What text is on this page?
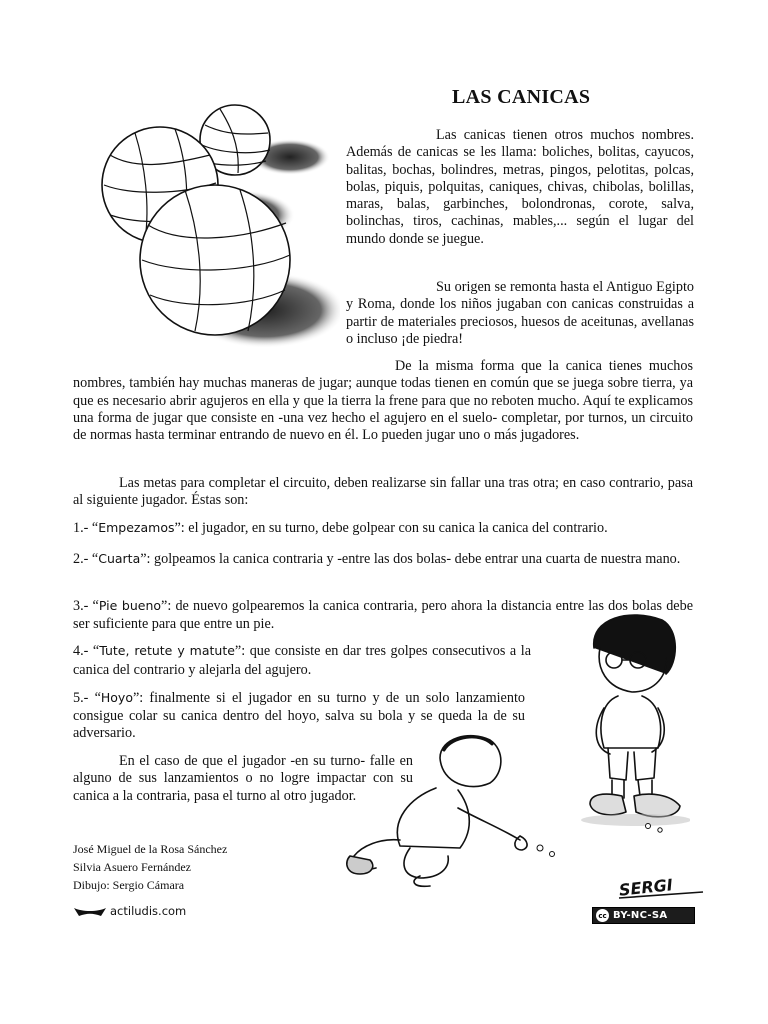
LAS CANICAS

Las canicas tienen otros muchos nombres. Además de canicas se les llama: boliches, bolitas, cayucos, balitas, bochas, bolindres, metras, pingos, pelotitas, polcas, bolas, piquis, polquitas, caniques, chivas, chibolas, bolillas, maras, balas, garbinches, bolondronas, corote, salva, bolinchas, tiros, cachinas, mables,... según el lugar del mundo donde se juegue.

Su origen se remonta hasta el Antiguo Egipto y Roma, donde los niños jugaban con canicas construidas a partir de materiales preciosos, huesos de aceitunas, avellanas o incluso ¡de piedra!

De la misma forma que la canica tienes muchos nombres, también hay muchas maneras de jugar; aunque todas tienen en común que se juega sobre tierra, ya que es necesario abrir agujeros en ella y que la tierra la frene para que no reboten mucho. Aquí te explicamos una forma de jugar que consiste en -una vez hecho el agujero en el suelo- completar, por turnos, un circuito de normas hasta terminar entrando de nuevo en él. Lo pueden jugar uno o más jugadores.

Las metas para completar el circuito, deben realizarse sin fallar una tras otra; en caso contrario, pasa al siguiente jugador. Éstas son:

1.- “Empezamos”: el jugador, en su turno, debe golpear con su canica la canica del contrario.

2.- “Cuarta”: golpeamos la canica contraria y -entre las dos bolas- debe entrar una cuarta de nuestra mano.

3.- “Pie bueno”: de nuevo golpearemos la canica contraria, pero ahora la distancia entre las dos bolas debe ser suficiente para que entre un pie.

4.- “Tute, retute y matute”: que consiste en dar tres golpes consecutivos a la canica del contrario y alejarla del agujero.

5.- “Hoyo”: finalmente si el jugador en su turno y de un solo lanzamiento consigue colar su canica dentro del hoyo, salva su bola y se queda la de su adversario.

En el caso de que el jugador -en su turno- falle en alguno de sus lanzamientos o no logre impactar con su canica a la contraria, pasa el turno al otro jugador.

SERGI
José Miguel de la Rosa Sánchez
Silvia Asuero Fernández
Dibujo: Sergio Cámara
actiludis.com	cc BY-NC-SA
